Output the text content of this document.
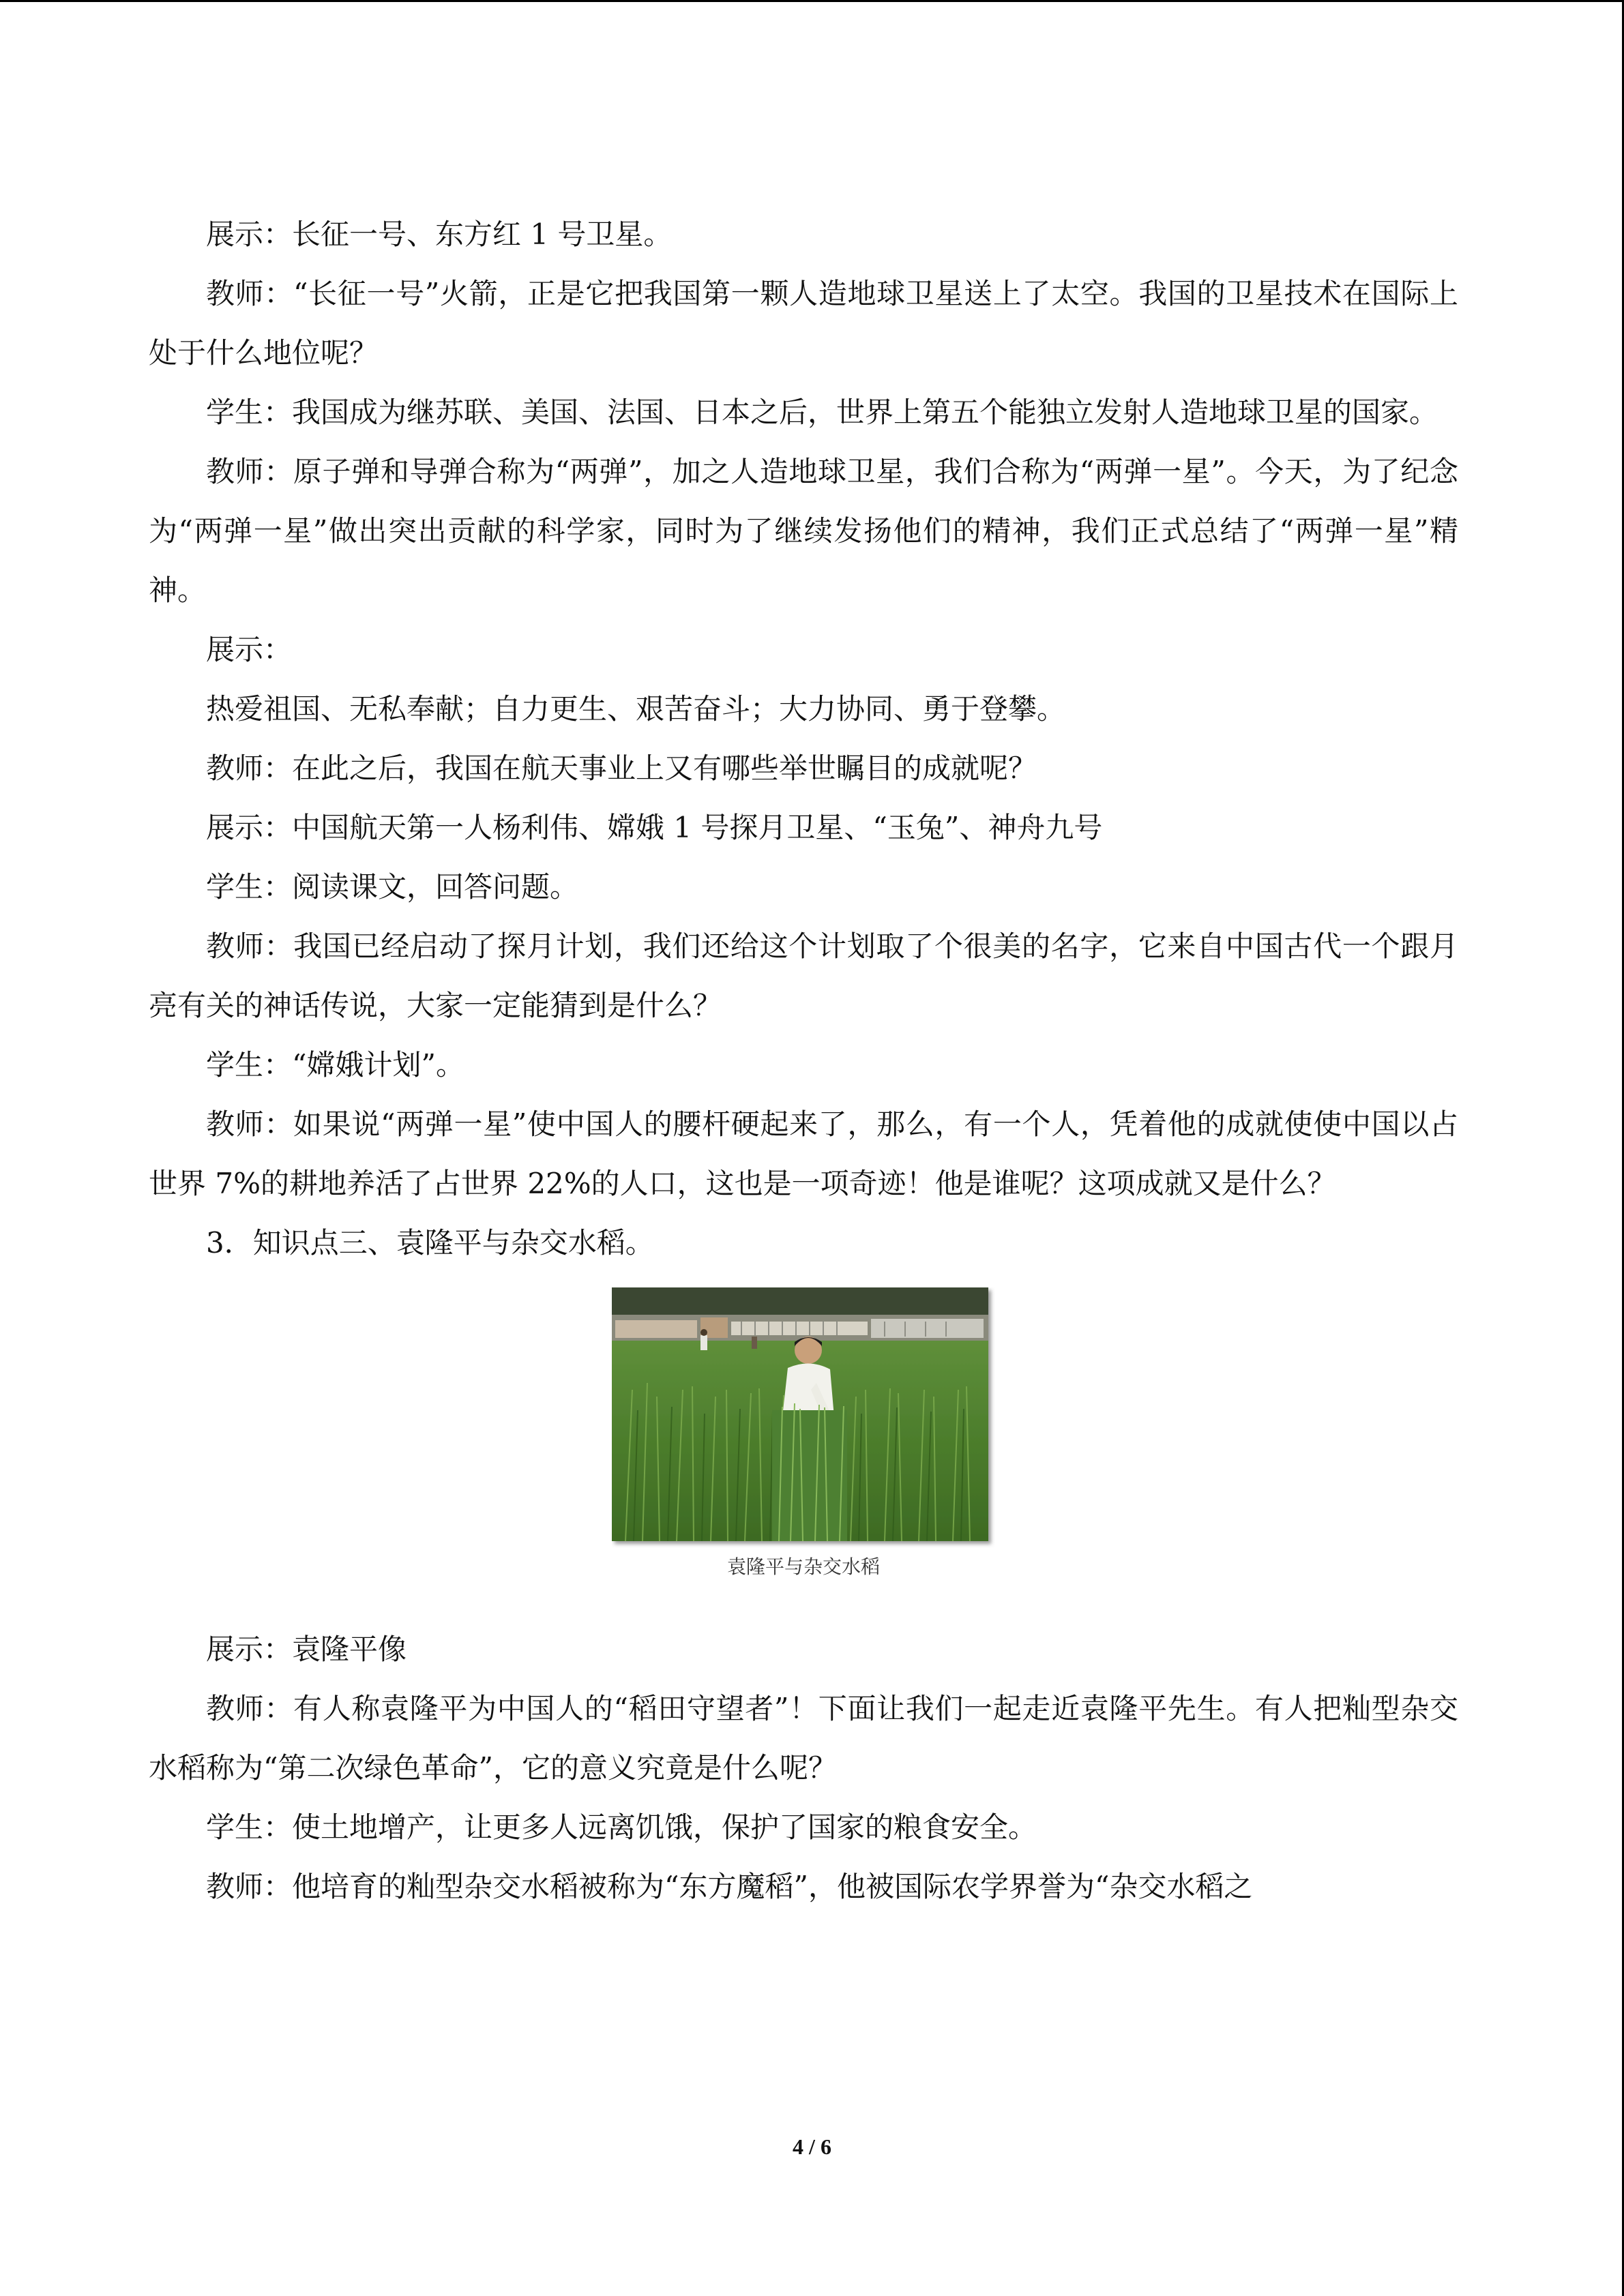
展示：长征一号、东方红 1 号卫星。

教师：“长征一号”火箭，正是它把我国第一颗人造地球卫星送上了太空。我国的卫星技术在国际上处于什么地位呢？

学生：我国成为继苏联、美国、法国、日本之后，世界上第五个能独立发射人造地球卫星的国家。

教师：原子弹和导弹合称为“两弹”，加之人造地球卫星，我们合称为“两弹一星”。今天，为了纪念为“两弹一星”做出突出贡献的科学家，同时为了继续发扬他们的精神，我们正式总结了“两弹一星”精神。

展示：

热爱祖国、无私奉献；自力更生、艰苦奋斗；大力协同、勇于登攀。

教师：在此之后，我国在航天事业上又有哪些举世瞩目的成就呢？

展示：中国航天第一人杨利伟、嫦娥 1 号探月卫星、“玉兔”、神舟九号

学生：阅读课文，回答问题。

教师：我国已经启动了探月计划，我们还给这个计划取了个很美的名字，它来自中国古代一个跟月亮有关的神话传说，大家一定能猜到是什么？

学生：“嫦娥计划”。

教师：如果说“两弹一星”使中国人的腰杆硬起来了，那么，有一个人，凭着他的成就使使中国以占世界 7%的耕地养活了占世界 22%的人口，这也是一项奇迹！他是谁呢？这项成就又是什么？

3．知识点三、袁隆平与杂交水稻。

袁隆平与杂交水稻

展示：袁隆平像

教师：有人称袁隆平为中国人的“稻田守望者”！下面让我们一起走近袁隆平先生。有人把籼型杂交水稻称为“第二次绿色革命”，它的意义究竟是什么呢？

学生：使土地增产，让更多人远离饥饿，保护了国家的粮食安全。

教师：他培育的籼型杂交水稻被称为“东方魔稻”，他被国际农学界誉为“杂交水稻之

4 / 6
